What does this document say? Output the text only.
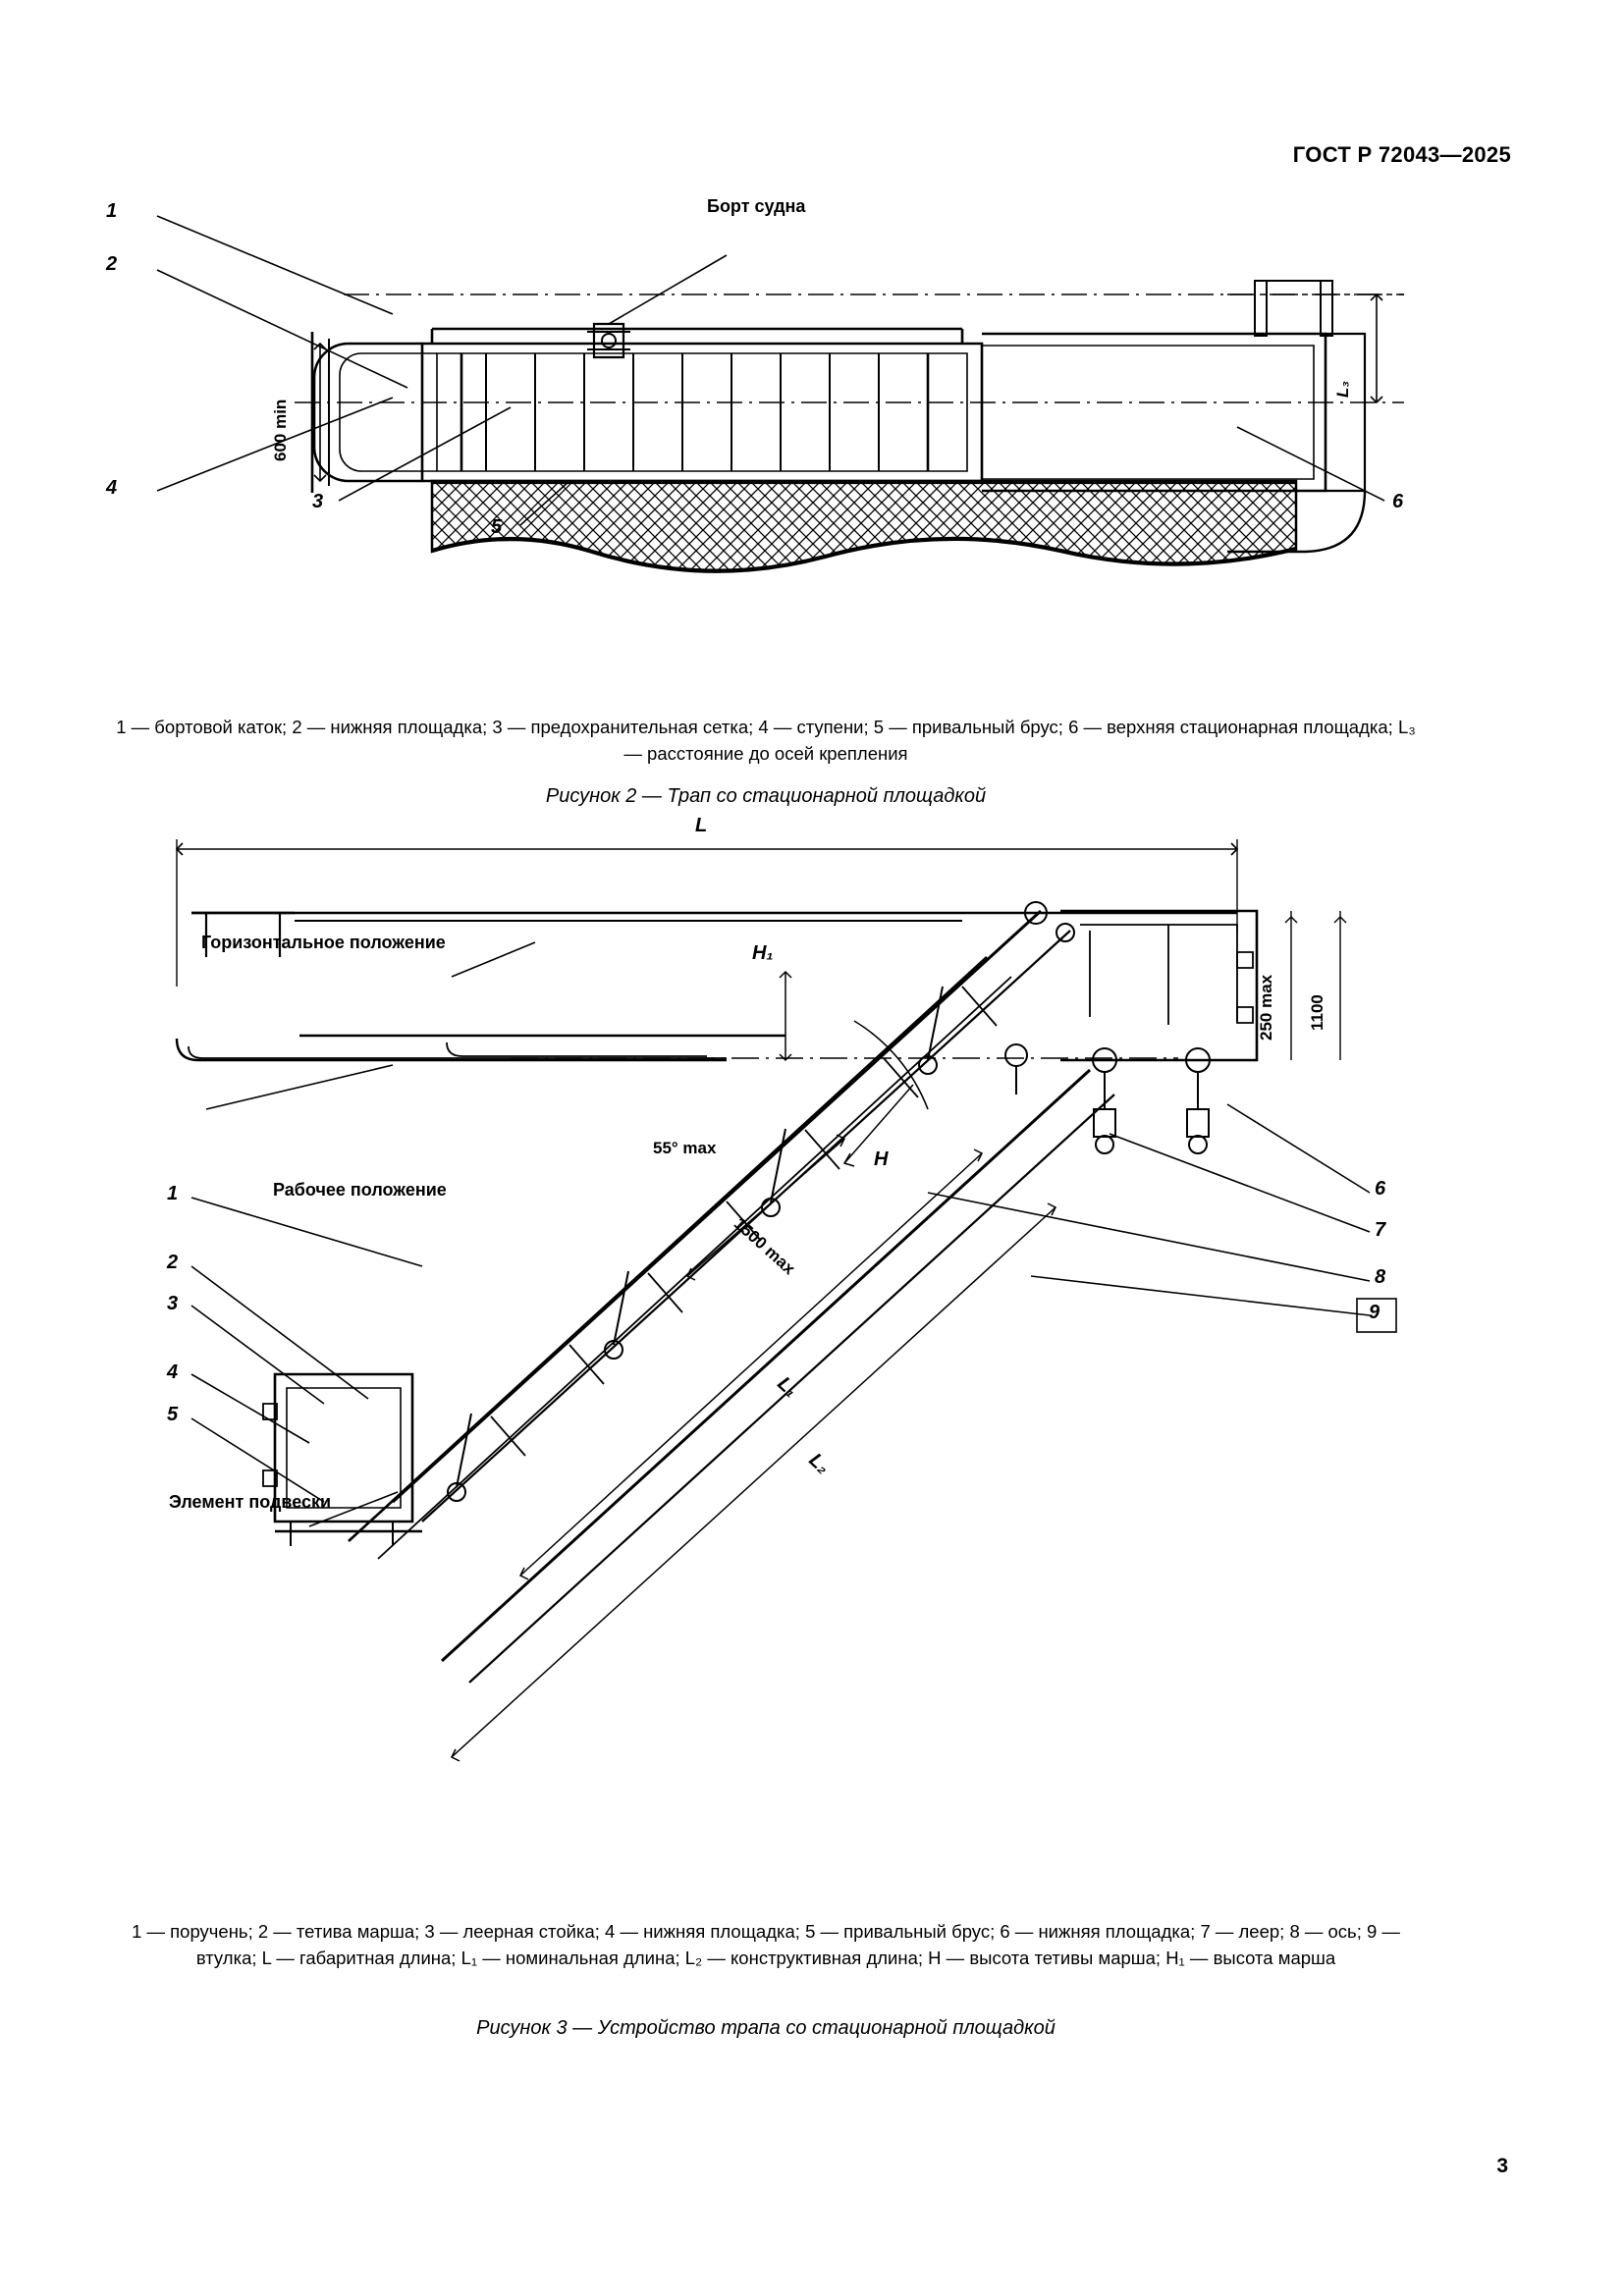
ГОСТ Р 72043—2025
1
2
4
3
5
6
Борт судна
600 min
L₃
1 — бортовой каток; 2 — нижняя площадка; 3 — предохранительная сетка; 4 — ступени; 5 — привальный брус; 6 — верхняя стационарная площадка; L₃ — расстояние до осей крепления
Рисунок 2 — Трап со стационарной площадкой
Горизонтальное положение
Рабочее положение
Элемент подвески
55° max
1500 max
250 max 1100
L
L₁
L₂
H
H₁
1
2
3
4
5
6
7
8
9
1 — поручень; 2 — тетива марша; 3 — леерная стойка; 4 — нижняя площадка; 5 — привальный брус; 6 — нижняя площадка; 7 — леер; 8 — ось; 9 — втулка; L — габаритная длина; L₁ — номинальная длина; L₂ — конструктивная длина; H — высота тетивы марша; H₁ — высота марша
Рисунок 3 — Устройство трапа со стационарной площадкой
3
